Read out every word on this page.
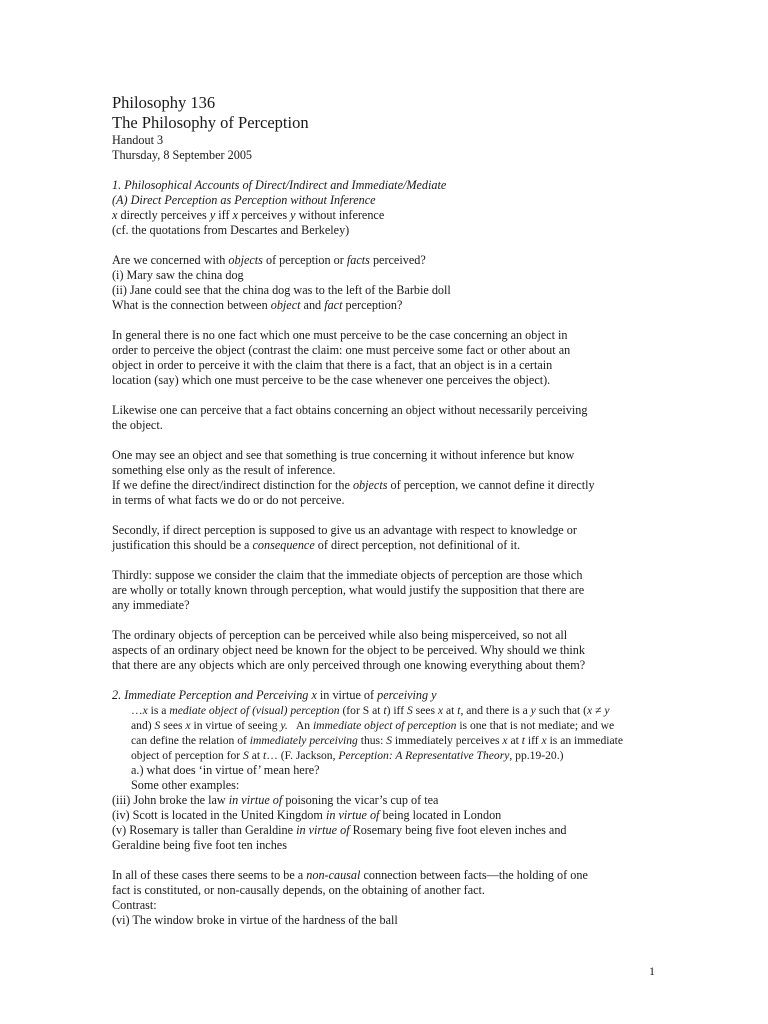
Philosophy 136
The Philosophy of Perception
Handout 3
Thursday, 8 September 2005
1. Philosophical Accounts of Direct/Indirect and Immediate/Mediate
(A) Direct Perception as Perception without Inference
x directly perceives y iff x perceives y without inference
(cf. the quotations from Descartes and Berkeley)
Are we concerned with objects of perception or facts perceived?
(i) Mary saw the china dog
(ii) Jane could see that the china dog was to the left of the Barbie doll
What is the connection between object and fact perception?
In general there is no one fact which one must perceive to be the case concerning an object in
order to perceive the object (contrast the claim: one must perceive some fact or other about an
object in order to perceive it with the claim that there is a fact, that an object is in a certain
location (say) which one must perceive to be the case whenever one perceives the object).
Likewise one can perceive that a fact obtains concerning an object without necessarily perceiving
the object.
One may see an object and see that something is true concerning it without inference but know
something else only as the result of inference.
If we define the direct/indirect distinction for the objects of perception, we cannot define it directly
in terms of what facts we do or do not perceive.
Secondly, if direct perception is supposed to give us an advantage with respect to knowledge or
justification this should be a consequence of direct perception, not definitional of it.
Thirdly: suppose we consider the claim that the immediate objects of perception are those which
are wholly or totally known through perception, what would justify the supposition that there are
any immediate?
The ordinary objects of perception can be perceived while also being misperceived, so not all
aspects of an ordinary object need be known for the object to be perceived. Why should we think
that there are any objects which are only perceived through one knowing everything about them?
2. Immediate Perception and Perceiving x in virtue of perceiving y
…x is a mediate object of (visual) perception (for S at t) iff S sees x at t, and there is a y such that (x ≠ y
and) S sees x in virtue of seeing y.   An immediate object of perception is one that is not mediate; and we
can define the relation of immediately perceiving thus: S immediately perceives x at t iff x is an immediate
object of perception for S at t… (F. Jackson, Perception: A Representative Theory, pp.19-20.)
a.) what does ‘in virtue of’ mean here?
Some other examples:
(iii) John broke the law in virtue of poisoning the vicar’s cup of tea
(iv) Scott is located in the United Kingdom in virtue of being located in London
(v) Rosemary is taller than Geraldine in virtue of Rosemary being five foot eleven inches and
Geraldine being five foot ten inches
In all of these cases there seems to be a non-causal connection between facts—the holding of one
fact is constituted, or non-causally depends, on the obtaining of another fact.
Contrast:
(vi) The window broke in virtue of the hardness of the ball
1
